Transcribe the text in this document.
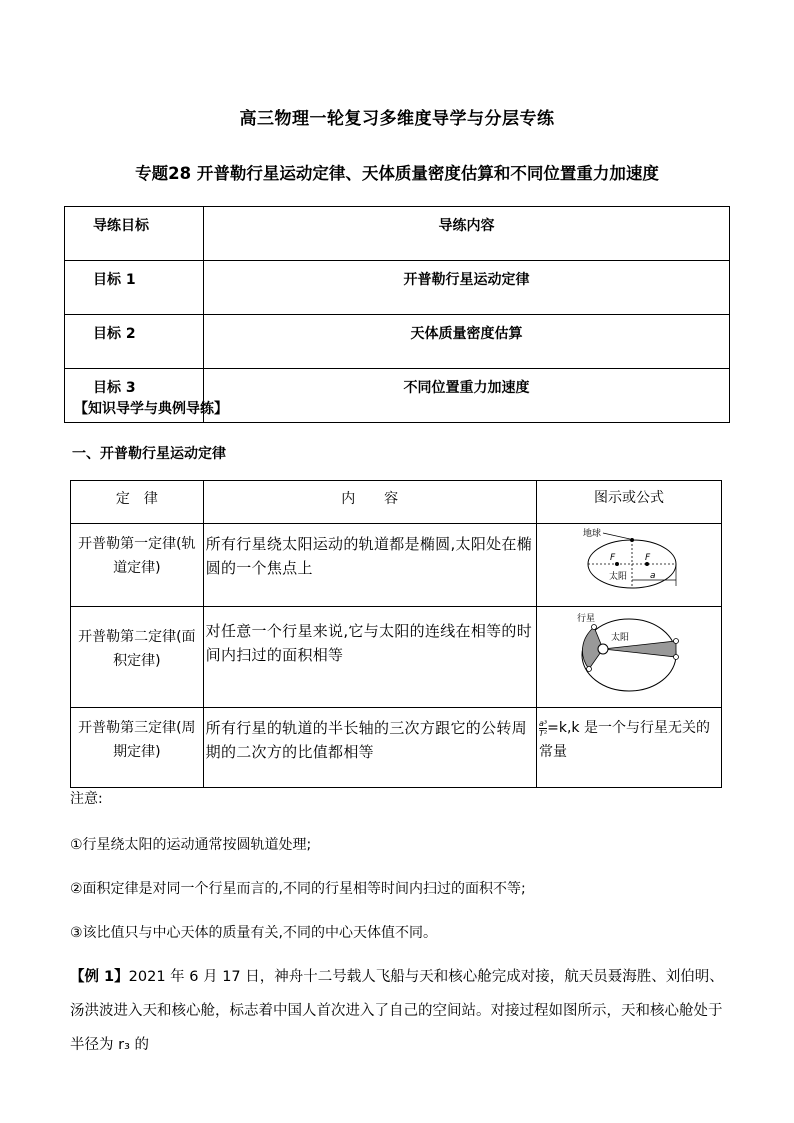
高三物理一轮复习多维度导学与分层专练
专题28 开普勒行星运动定律、天体质量密度估算和不同位置重力加速度
导练目标	导练内容
目标 1	开普勒行星运动定律
目标 2	天体质量密度估算
目标 3	不同位置重力加速度
【知识导学与典例导练】
一、开普勒行星运动定律
定　律	内　　容	图示或公式
开普勒第一定律(轨道定律)	所有行星绕太阳运动的轨道都是椭圆,太阳处在椭圆的一个焦点上	地球
F F
太阳 a

开普勒第二定律(面积定律)	对任意一个行星来说,它与太阳的连线在相等的时间内扫过的面积相等	行星
太阳

开普勒第三定律(周期定律)	所有行星的轨道的半长轴的三次方跟它的公转周期的二次方的比值都相等	$\frac{\text{a³}}{\text{T²}} =k,k$ 是一个与行星无关的常量
注意:
①行星绕太阳的运动通常按圆轨道处理;
②面积定律是对同一个行星而言的,不同的行星相等时间内扫过的面积不等;
③该比值只与中心天体的质量有关,不同的中心天体值不同。
【例 1】2021 年 6 月 17 日，神舟十二号载人飞船与天和核心舱完成对接，航天员聂海胜、刘伯明、汤洪波进入天和核心舱，标志着中国人首次进入了自己的空间站。对接过程如图所示，天和核心舱处于半径为 r₃ 的
